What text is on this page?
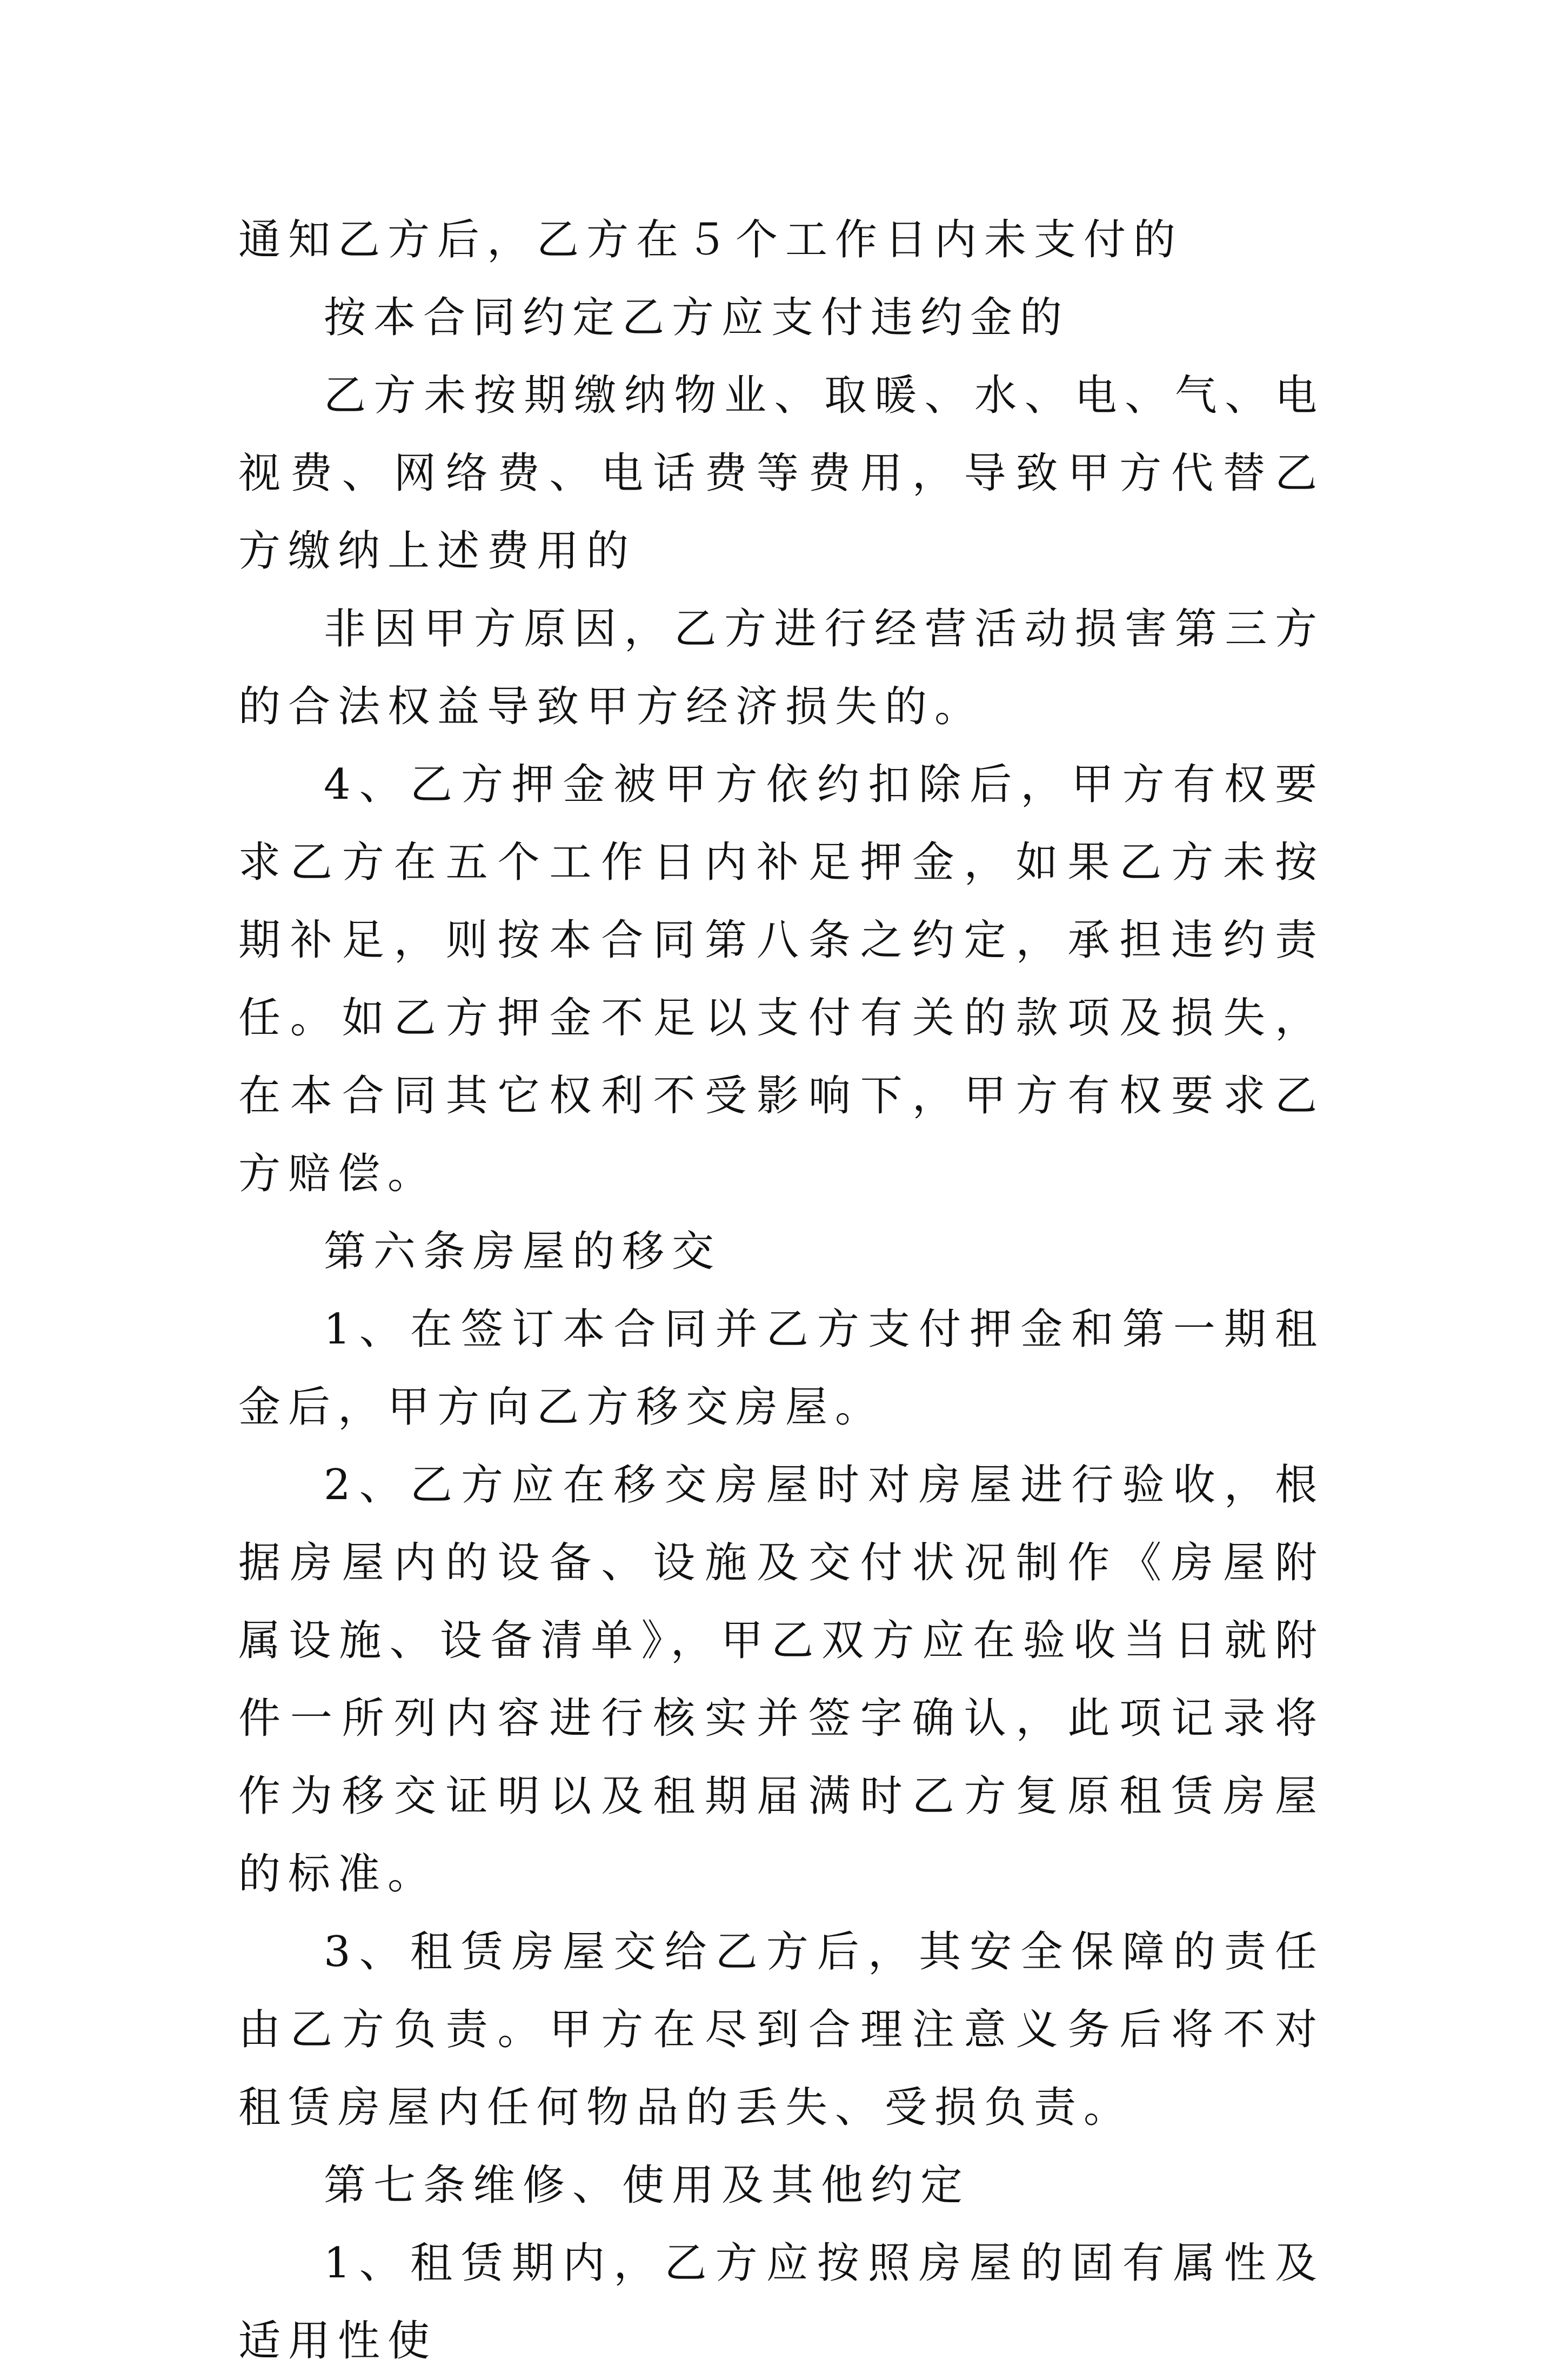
通知乙方后，乙方在５个工作日内未支付的

按本合同约定乙方应支付违约金的

乙方未按期缴纳物业、取暖、水、电、气、电视费、网络费、电话费等费用，导致甲方代替乙方缴纳上述费用的

非因甲方原因，乙方进行经营活动损害第三方的合法权益导致甲方经济损失的。

4、乙方押金被甲方依约扣除后，甲方有权要求乙方在五个工作日内补足押金，如果乙方未按期补足，则按本合同第八条之约定，承担违约责任。如乙方押金不足以支付有关的款项及损失，在本合同其它权利不受影响下，甲方有权要求乙方赔偿。

第六条房屋的移交

1、在签订本合同并乙方支付押金和第一期租金后，甲方向乙方移交房屋。

2、乙方应在移交房屋时对房屋进行验收，根据房屋内的设备、设施及交付状况制作《房屋附属设施、设备清单》，甲乙双方应在验收当日就附件一所列内容进行核实并签字确认，此项记录将作为移交证明以及租期届满时乙方复原租赁房屋的标准。

3、租赁房屋交给乙方后，其安全保障的责任由乙方负责。甲方在尽到合理注意义务后将不对租赁房屋内任何物品的丢失、受损负责。

第七条维修、使用及其他约定

1、租赁期内，乙方应按照房屋的固有属性及适用性使
